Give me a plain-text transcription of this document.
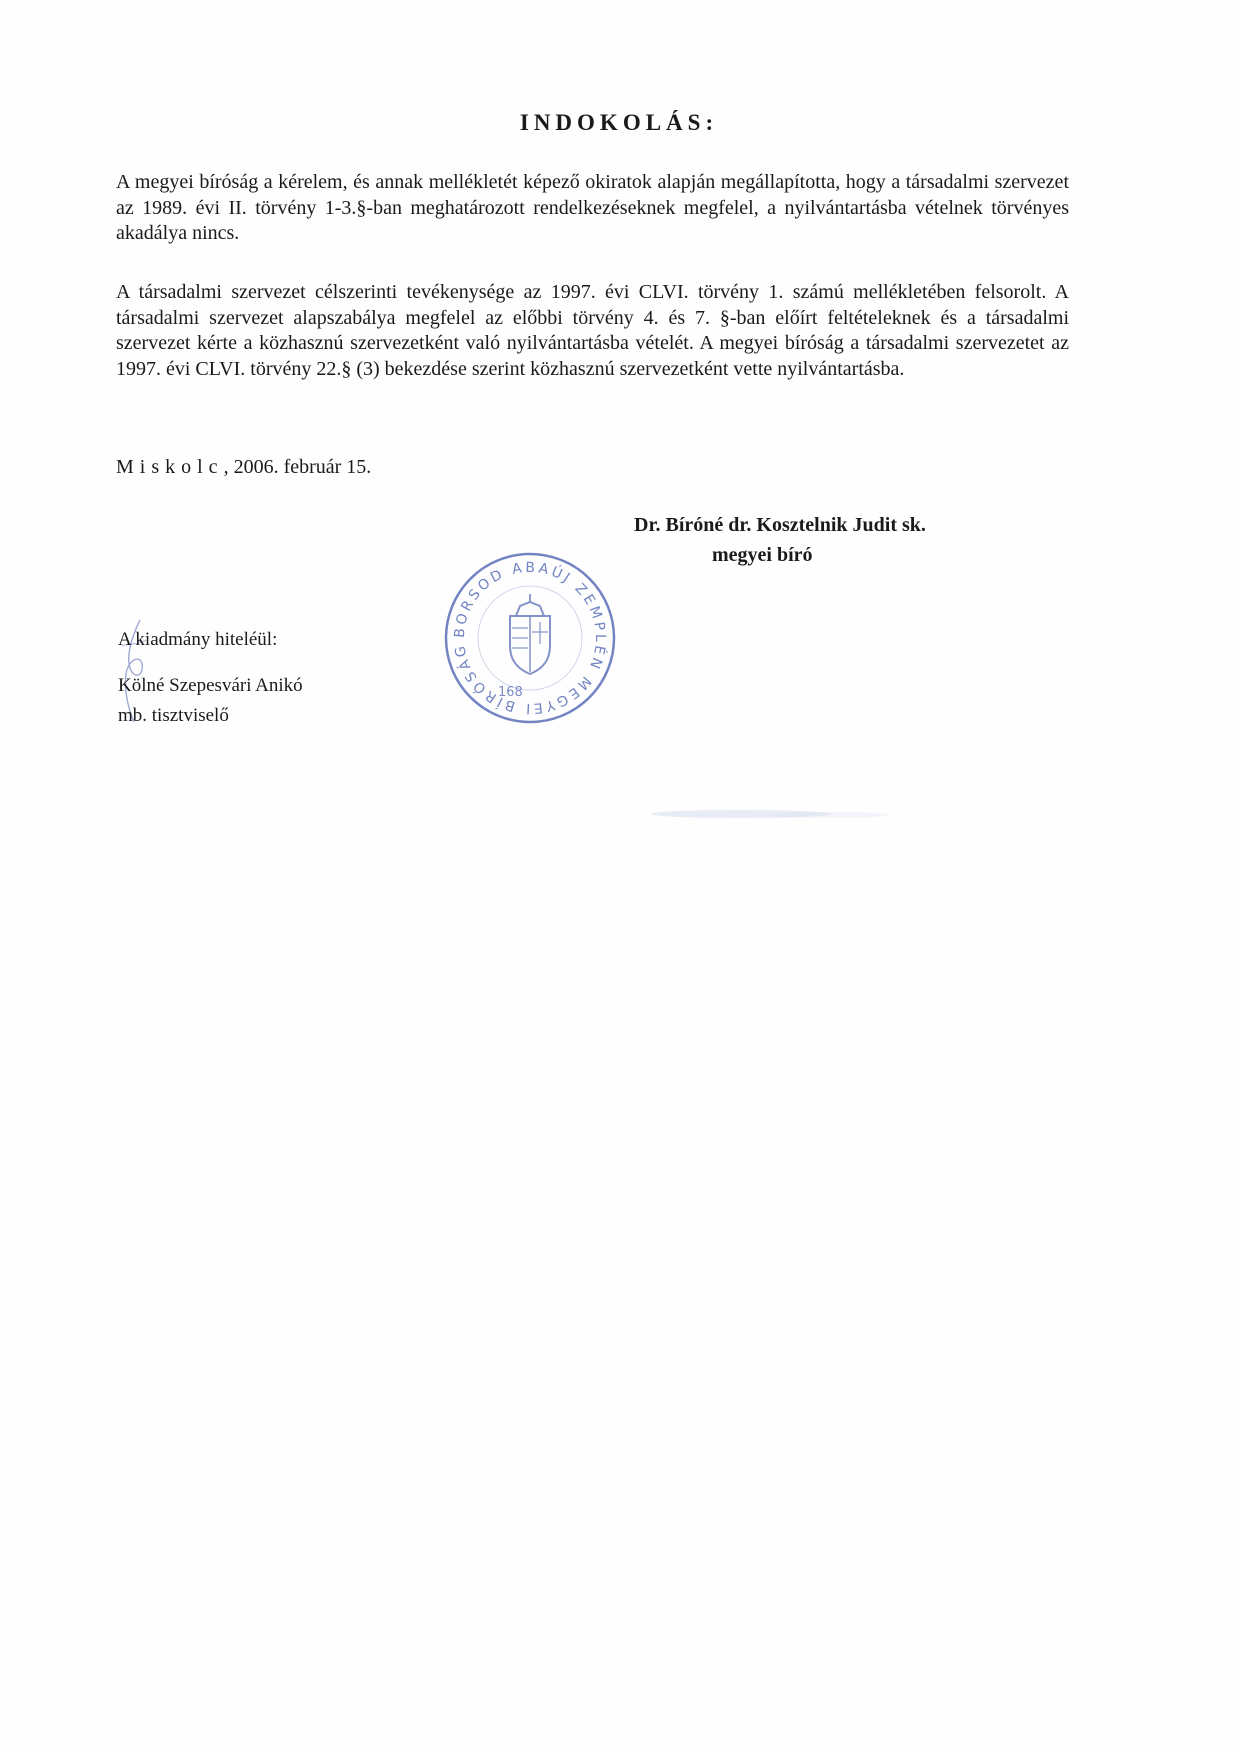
INDOKOLÁS:
A megyei bíróság a kérelem, és annak mellékletét képező okiratok alapján megállapította, hogy a társadalmi szervezet az 1989. évi II. törvény 1-3.§-ban meghatározott rendelkezéseknek megfelel, a nyilvántartásba vételnek törvényes akadálya nincs.
A társadalmi szervezet célszerinti tevékenysége az 1997. évi CLVI. törvény 1. számú mellékletében felsorolt. A társadalmi szervezet alapszabálya megfelel az előbbi törvény 4. és 7. §-ban előírt feltételeknek és a társadalmi szervezet kérte a közhasznú szervezetként való nyilvántartásba vételét. A megyei bíróság a társadalmi szervezetet az 1997. évi CLVI. törvény 22.§ (3) bekezdése szerint közhasznú szervezetként vette nyilvántartásba.
Miskolc, 2006. február 15.
Dr. Bíróné dr. Kosztelnik Judit sk.
megyei bíró
BORSOD ABAÚJ ZEMPLÉN MEGYEI BÍRÓSÁG
168
A kiadmány hiteléül:
Kölné Szepesvári Anikó
mb. tisztviselő
